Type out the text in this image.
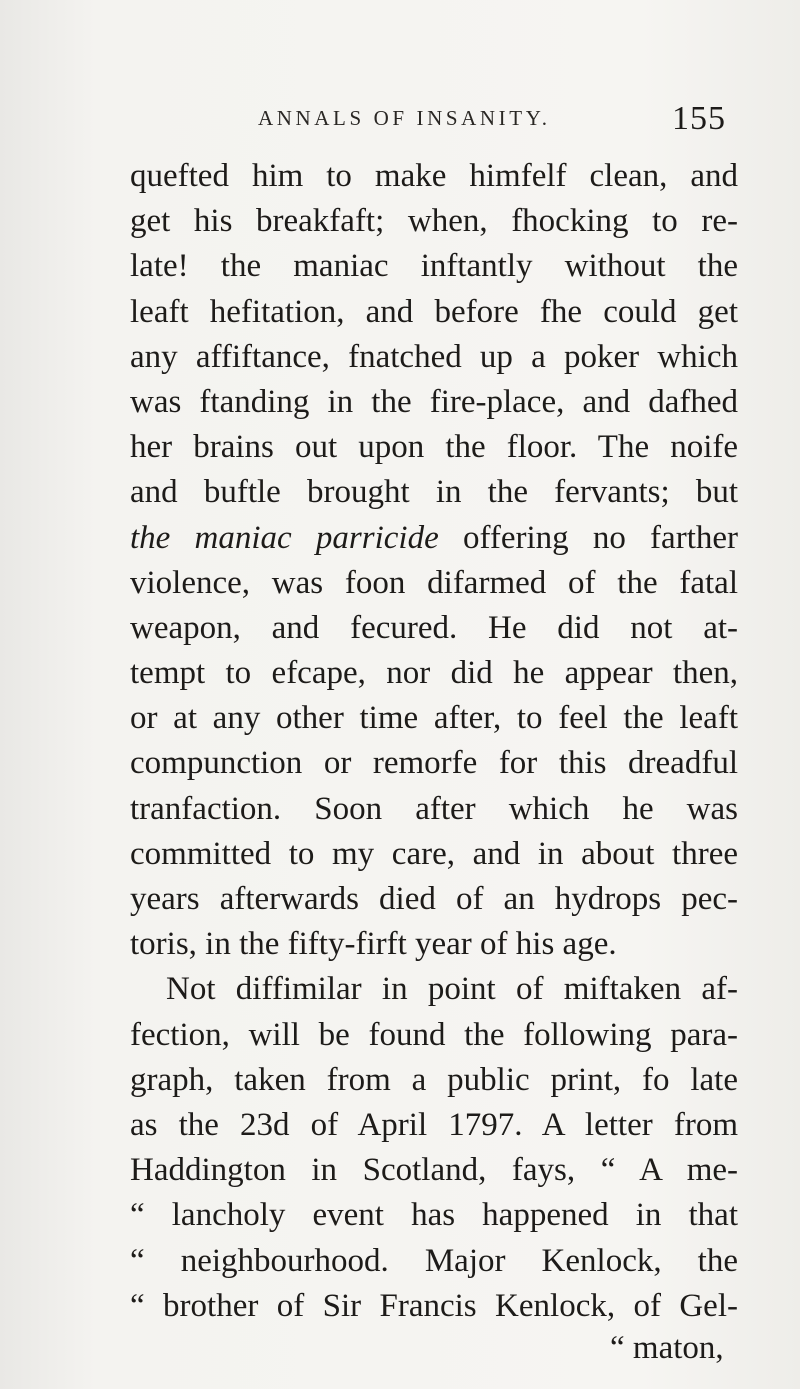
ANNALS OF INSANITY.	155
quefted him to make himfelf clean, and
get his breakfaft; when, fhocking to re-
late! the maniac inftantly without the
leaft hefitation, and before fhe could get
any affiftance, fnatched up a poker which
was ftanding in the fire-place, and dafhed
her brains out upon the floor. The noife
and buftle brought in the fervants; but
the maniac parricide offering no farther
violence, was foon difarmed of the fatal
weapon, and fecured. He did not at-
tempt to efcape, nor did he appear then,
or at any other time after, to feel the leaft
compunction or remorfe for this dreadful
tranfaction. Soon after which he was
committed to my care, and in about three
years afterwards died of an hydrops pec-
toris, in the fifty-firft year of his age.
Not diffimilar in point of miftaken af-
fection, will be found the following para-
graph, taken from a public print, fo late
as the 23d of April 1797. A letter from
Haddington in Scotland, fays, “ A me-
“ lancholy event has happened in that
“ neighbourhood. Major Kenlock, the
“ brother of Sir Francis Kenlock, of Gel-
“ maton,
